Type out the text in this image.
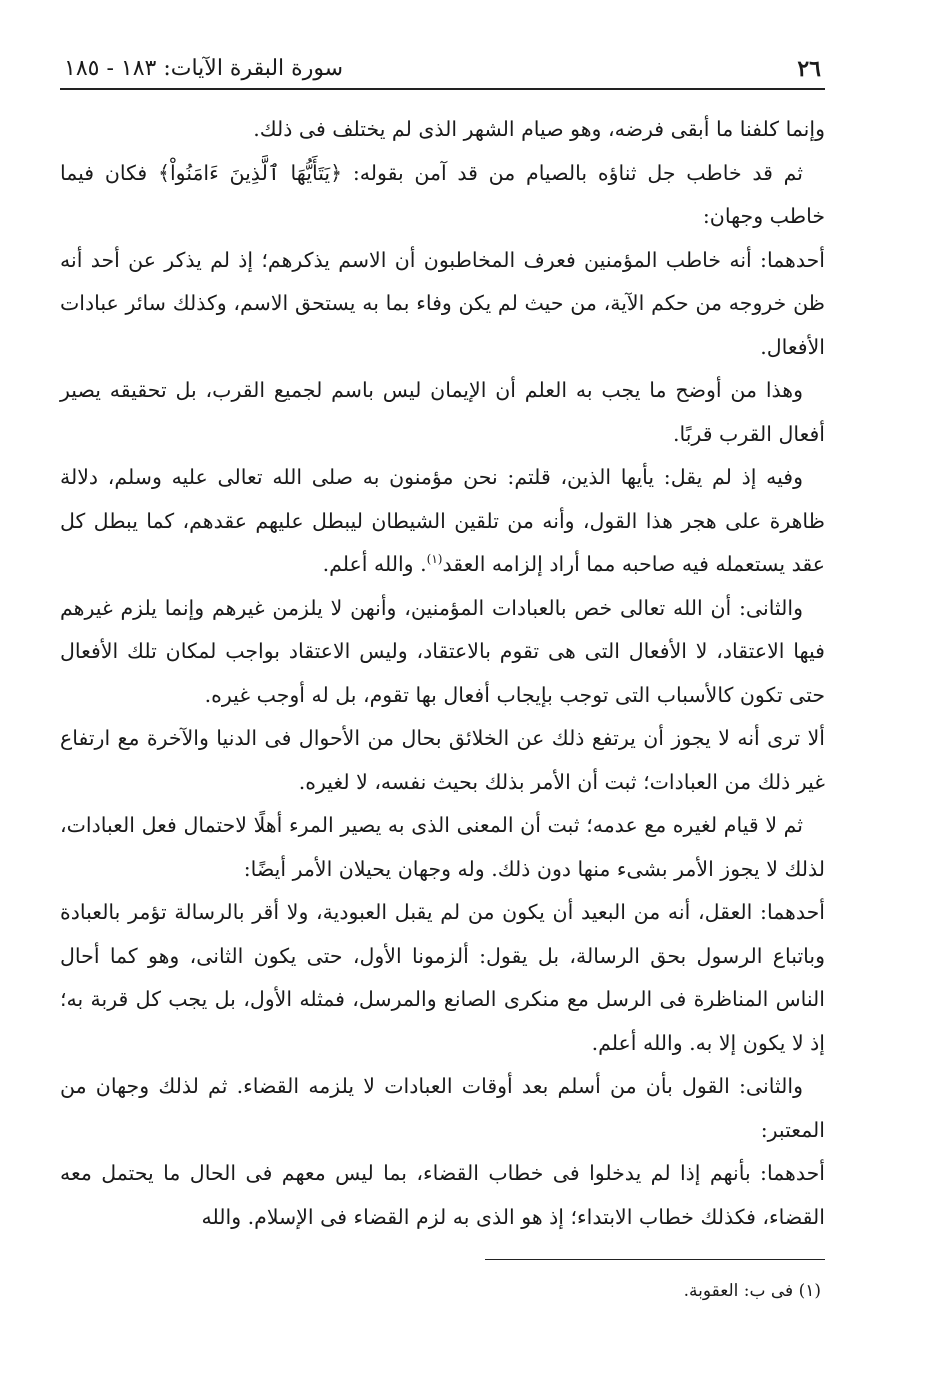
٢٦
سورة البقرة الآيات: ١٨٣ - ١٨٥

وإنما كلفنا ما أبقى فرضه، وهو صيام الشهر الذى لم يختلف فى ذلك.

ثم قد خاطب جل ثناؤه بالصيام من قد آمن بقوله: ﴿يَتَأَيُّهَا ٱلَّذِينَ ءَامَنُواْ﴾ فكان فيما خاطب وجهان:

أحدهما: أنه خاطب المؤمنين فعرف المخاطبون أن الاسم يذكرهم؛ إذ لم يذكر عن أحد أنه ظن خروجه من حكم الآية، من حيث لم يكن وفاء بما به يستحق الاسم، وكذلك سائر عبادات الأفعال.

وهذا من أوضح ما يجب به العلم أن الإيمان ليس باسم لجميع القرب، بل تحقيقه يصير أفعال القرب قربًا.

وفيه إذ لم يقل: يأيها الذين، قلتم: نحن مؤمنون به صلى الله تعالى عليه وسلم، دلالة ظاهرة على هجر هذا القول، وأنه من تلقين الشيطان ليبطل عليهم عقدهم، كما يبطل كل عقد يستعمله فيه صاحبه مما أراد إلزامه العقد$^{(١)}$. والله أعلم.

والثانى: أن الله تعالى خص بالعبادات المؤمنين، وأنهن لا يلزمن غيرهم وإنما يلزم غيرهم فيها الاعتقاد، لا الأفعال التى هى تقوم بالاعتقاد، وليس الاعتقاد بواجب لمكان تلك الأفعال حتى تكون كالأسباب التى توجب بإيجاب أفعال بها تقوم، بل له أوجب غيره.

ألا ترى أنه لا يجوز أن يرتفع ذلك عن الخلائق بحال من الأحوال فى الدنيا والآخرة مع ارتفاع غير ذلك من العبادات؛ ثبت أن الأمر بذلك بحيث نفسه، لا لغيره.

ثم لا قيام لغيره مع عدمه؛ ثبت أن المعنى الذى به يصير المرء أهلًا لاحتمال فعل العبادات، لذلك لا يجوز الأمر بشىء منها دون ذلك. وله وجهان يحيلان الأمر أيضًا:

أحدهما: العقل، أنه من البعيد أن يكون من لم يقبل العبودية، ولا أقر بالرسالة تؤمر بالعبادة وباتباع الرسول بحق الرسالة، بل يقول: ألزمونا الأول، حتى يكون الثانى، وهو كما أحال الناس المناظرة فى الرسل مع منكرى الصانع والمرسل، فمثله الأول، بل يجب كل قربة به؛ إذ لا يكون إلا به. والله أعلم.

والثانى: القول بأن من أسلم بعد أوقات العبادات لا يلزمه القضاء. ثم لذلك وجهان من المعتبر:

أحدهما: بأنهم إذا لم يدخلوا فى خطاب القضاء، بما ليس معهم فى الحال ما يحتمل معه القضاء، فكذلك خطاب الابتداء؛ إذ هو الذى به لزم القضاء فى الإسلام. والله

(١) فى ب: العقوبة.
